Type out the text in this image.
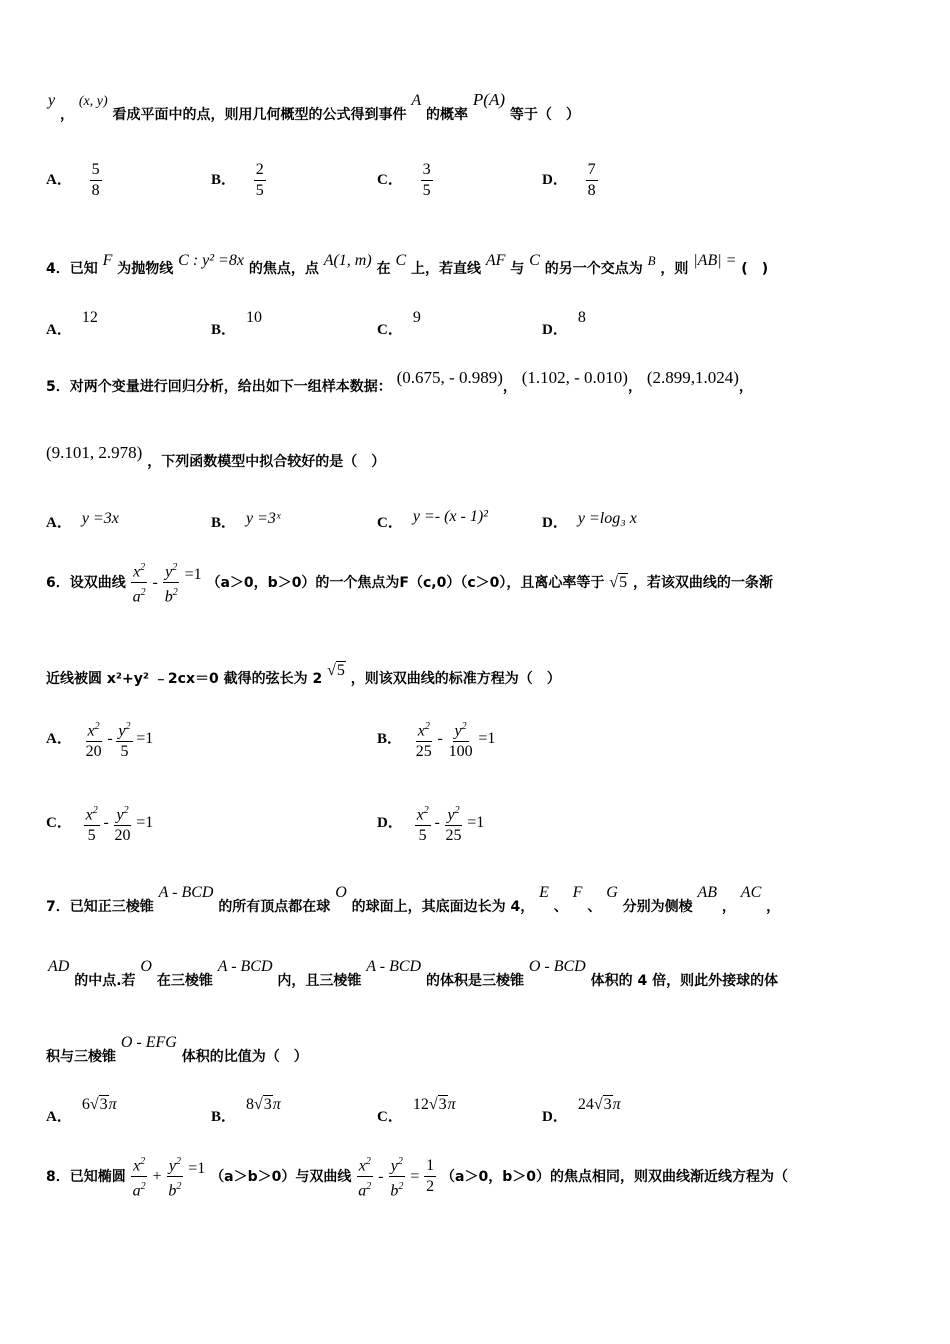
y ， (x, y) 看成平面中的点，则用几何概型的公式得到事件 A 的概率 P(A) 等于（　）
A． $\frac{5}{8}$	B． $\frac{2}{5}$	C． $\frac{3}{5}$	D． $\frac{7}{8}$
4．已知 F 为抛物线 C : y² =8x 的焦点，点 A(1, m) 在 C 上，若直线 AF 与 C 的另一个交点为 B ，则 |AB| = (　)
A．12
B．10
C．9
D．8
5．对两个变量进行回归分析，给出如下一组样本数据： (0.675, - 0.989)， (1.102, - 0.010)， (2.899,1.024)，
(9.101, 2.978) ，下列函数模型中拟合较好的是（　）
A． y =3x	B． y =3ˣ	C． y =- (x - 1)²	D． y =log₃ x
6．设双曲线 $\frac{x^2}{a^2} - \frac{y^2}{b^2} =1$ （a＞0，b＞0）的一个焦点为F（c,0）（c＞0），且离心率等于 √5 ，若该双曲线的一条渐
近线被圆 x²+y² ﹣2cx＝0 截得的弦长为 2 √5 ，则该双曲线的标准方程为（　）
A． $\frac{x^2}{20} - \frac{y^2}{5} =1$	B． $\frac{x^2}{25} - \frac{y^2}{100} =1$
C． $\frac{x^2}{5} - \frac{y^2}{20} =1$	D． $\frac{x^2}{5} - \frac{y^2}{25} =1$
7．已知正三棱锥 A - BCD 的所有顶点都在球 O 的球面上，其底面边长为 4， E 、 F 、 G 分别为侧棱 AB ， AC ，
AD 的中点.若 O 在三棱锥 A - BCD 内，且三棱锥 A - BCD 的体积是三棱锥 O - BCD 体积的 4 倍，则此外接球的体
积与三棱锥 O - EFG 体积的比值为（　）
A．6√3π
B．8√3π
C．12√3π
D．24√3π
8．已知椭圆 $\frac{x^2}{a^2} + \frac{y^2}{b^2} =1$ （a＞b＞0）与双曲线 $\frac{x^2}{a^2} - \frac{y^2}{b^2} = \frac{1}{2} (a>0$，b＞0）的焦点相同，则双曲线渐近线方程为（
